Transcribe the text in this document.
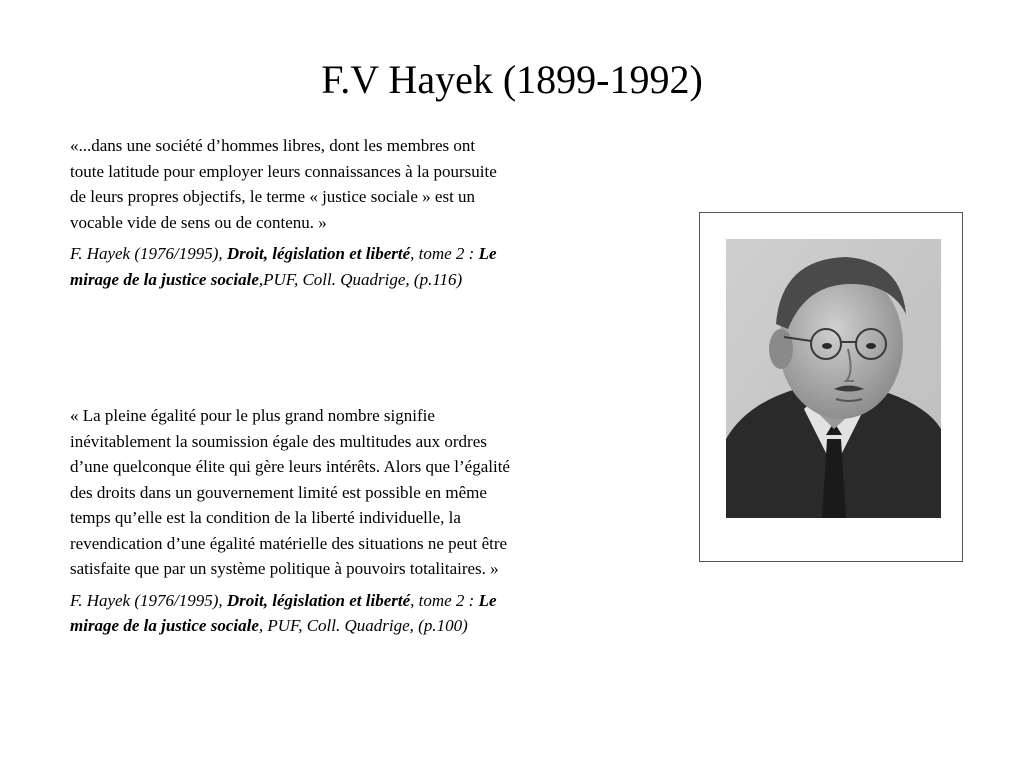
F.V Hayek (1899-1992)

«...dans une société d’hommes libres, dont les membres ont toute latitude pour employer leurs connaissances à la poursuite de leurs propres objectifs, le terme « justice sociale » est un vocable vide de sens ou de contenu. »

F. Hayek (1976/1995), Droit, législation et liberté, tome 2 : Le mirage de la justice sociale,PUF, Coll. Quadrige, (p.116)

« La pleine égalité pour le plus grand nombre signifie inévitablement la soumission égale des multitudes aux ordres d’une quelconque élite qui gère leurs intérêts. Alors que l’égalité des droits dans un gouvernement limité est possible en même temps qu’elle est la condition de la liberté individuelle, la revendication d’une égalité matérielle des situations ne peut être satisfaite que par un système politique à pouvoirs totalitaires. »

F. Hayek (1976/1995), Droit, législation et liberté, tome 2 : Le mirage de la justice sociale, PUF, Coll. Quadrige, (p.100)
